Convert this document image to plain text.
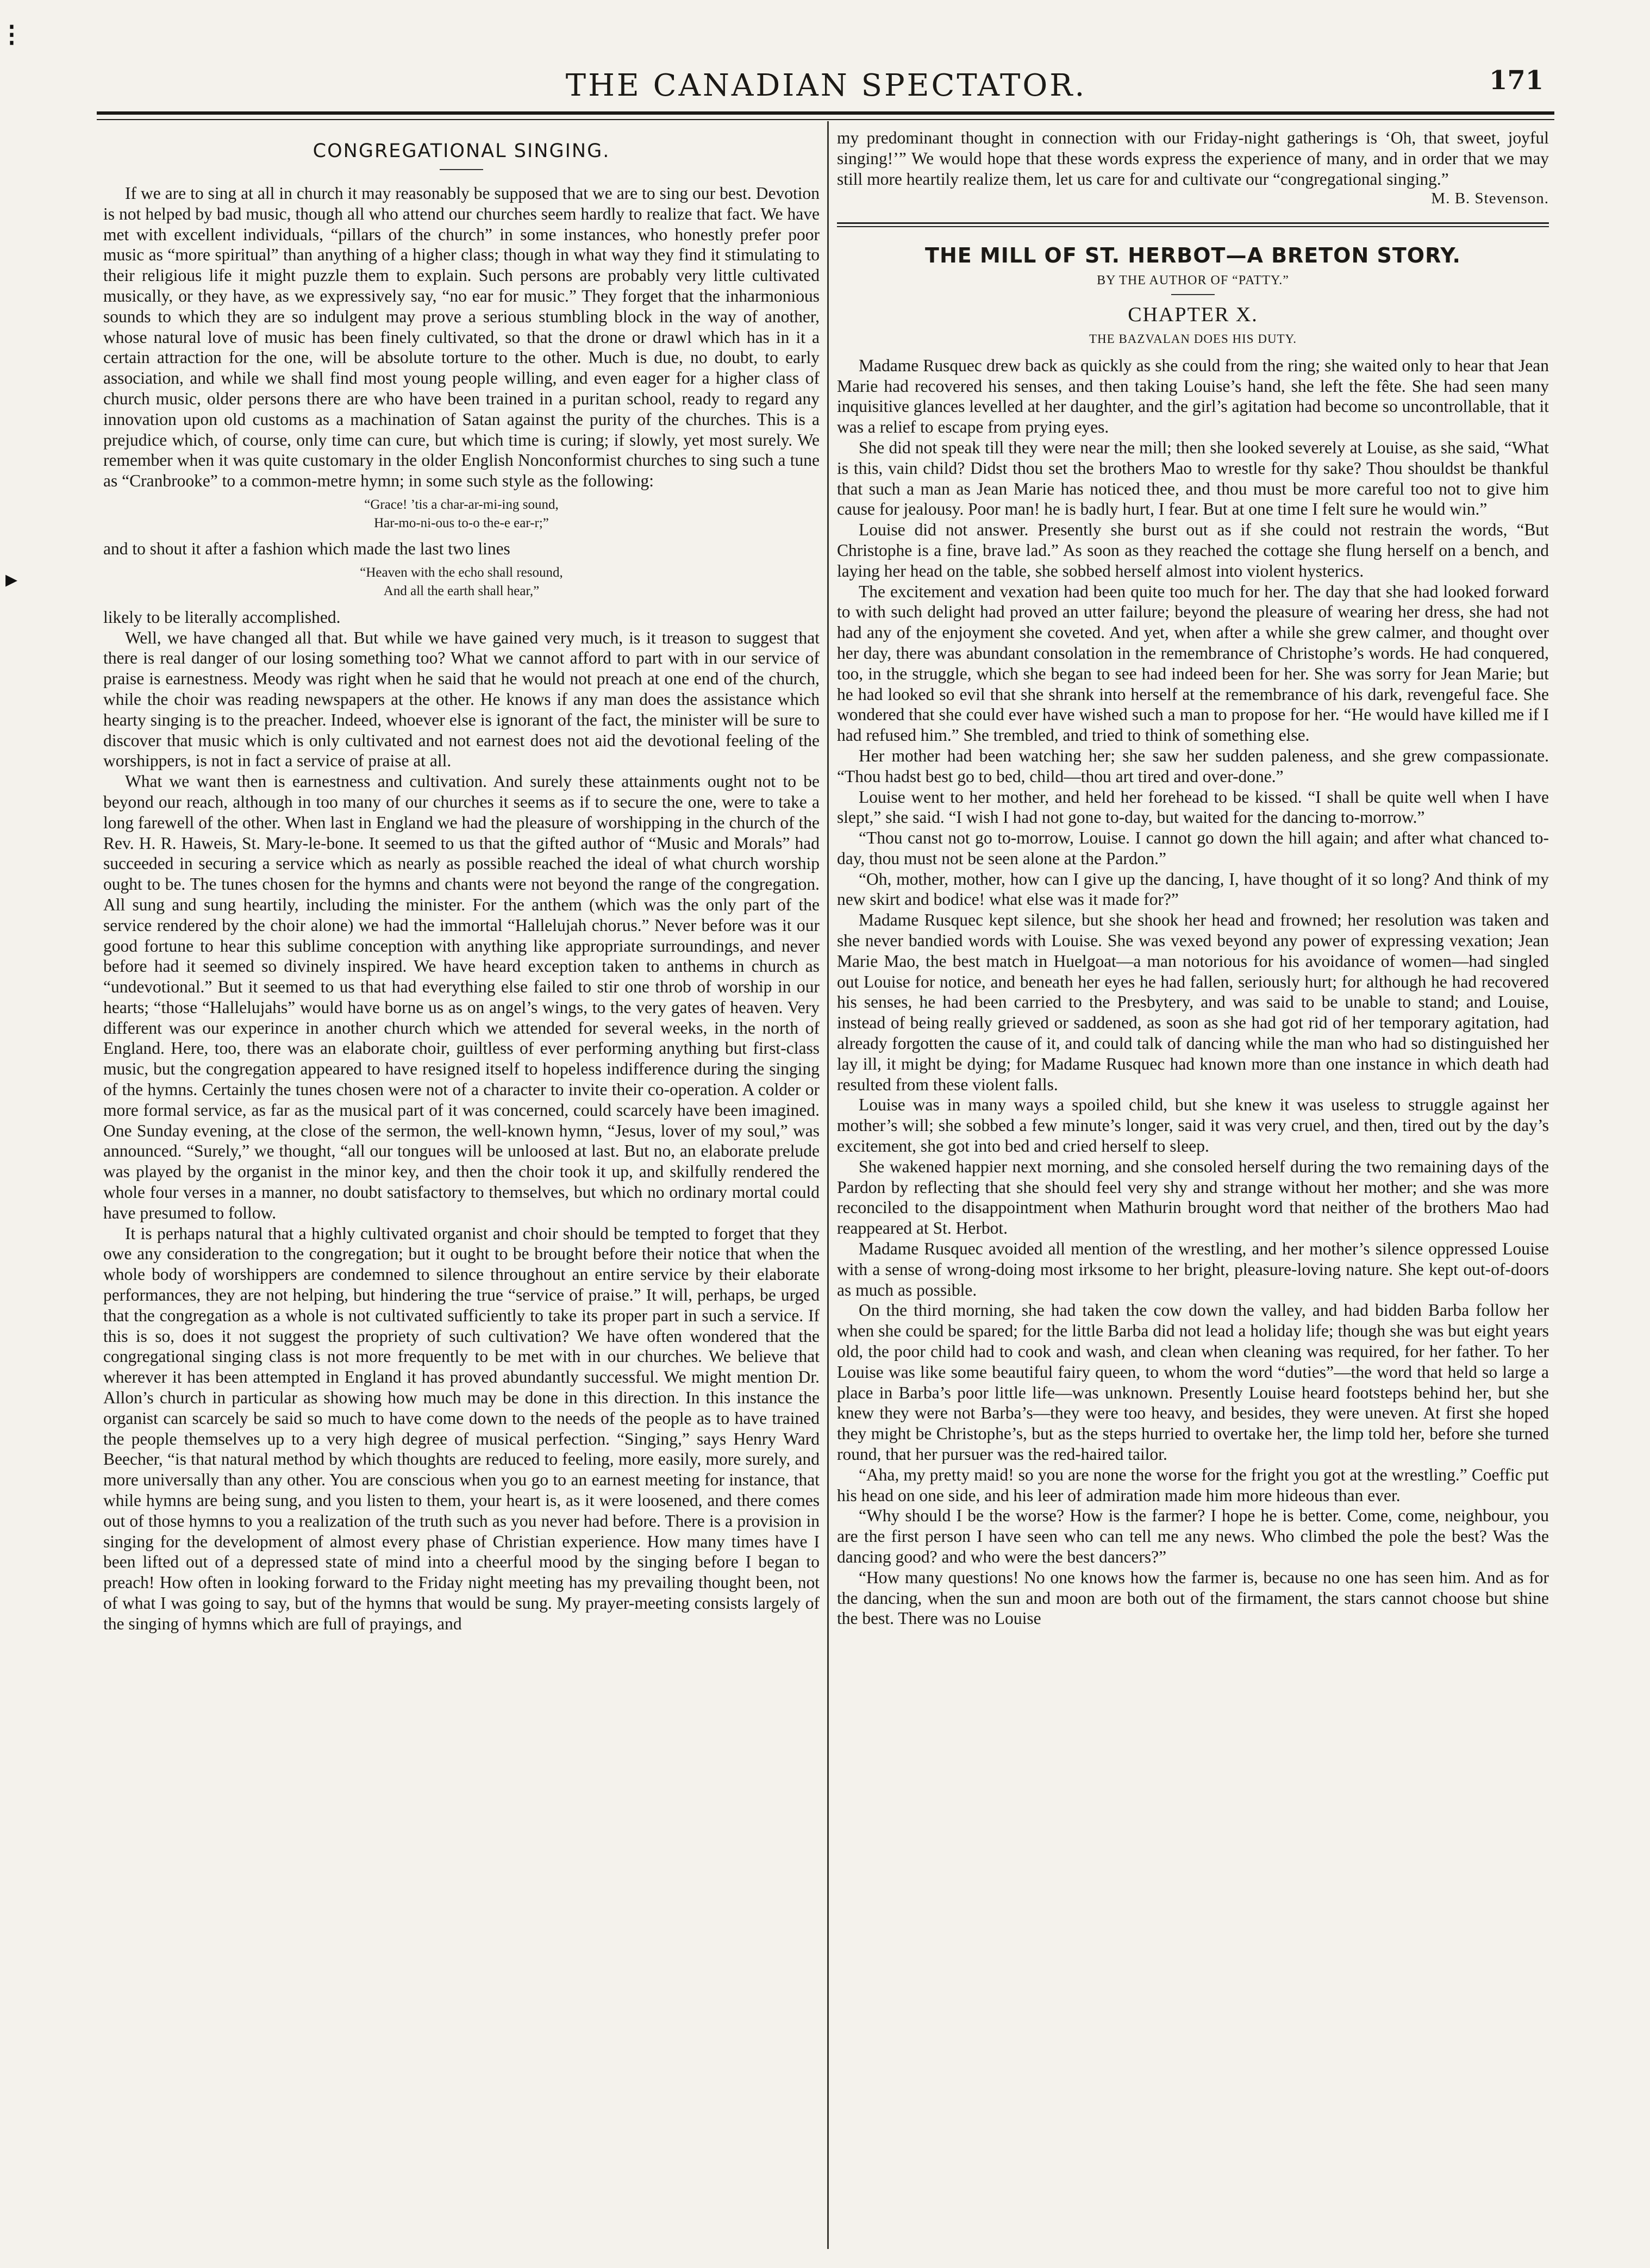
⁝
▸
THE CANADIAN SPECTATOR.	171
CONGREGATIONAL SINGING.

If we are to sing at all in church it may reasonably be supposed that we are to sing our best. Devotion is not helped by bad music, though all who attend our churches seem hardly to realize that fact. We have met with excellent individuals, “pillars of the church” in some instances, who honestly prefer poor music as “more spiritual” than anything of a higher class; though in what way they find it stimulating to their religious life it might puzzle them to explain. Such persons are probably very little cultivated musically, or they have, as we expressively say, “no ear for music.” They forget that the inharmonious sounds to which they are so indulgent may prove a serious stumbling block in the way of another, whose natural love of music has been finely cultivated, so that the drone or drawl which has in it a certain attraction for the one, will be absolute torture to the other. Much is due, no doubt, to early association, and while we shall find most young people willing, and even eager for a higher class of church music, older persons there are who have been trained in a puritan school, ready to regard any innovation upon old customs as a machination of Satan against the purity of the churches. This is a prejudice which, of course, only time can cure, but which time is curing; if slowly, yet most surely. We remember when it was quite customary in the older English Nonconformist churches to sing such a tune as “Cranbrooke” to a common-metre hymn; in some such style as the following:

“Grace! ’tis a char-ar-mi-ing sound,
Har-mo-ni-ous to-o the-e ear-r;”

and to shout it after a fashion which made the last two lines

“Heaven with the echo shall resound,
And all the earth shall hear,”

likely to be literally accomplished.

Well, we have changed all that. But while we have gained very much, is it treason to suggest that there is real danger of our losing something too? What we cannot afford to part with in our service of praise is earnestness. Meody was right when he said that he would not preach at one end of the church, while the choir was reading newspapers at the other. He knows if any man does the assistance which hearty singing is to the preacher. Indeed, whoever else is ignorant of the fact, the minister will be sure to discover that music which is only cultivated and not earnest does not aid the devotional feeling of the worshippers, is not in fact a service of praise at all.

What we want then is earnestness and cultivation. And surely these attainments ought not to be beyond our reach, although in too many of our churches it seems as if to secure the one, were to take a long farewell of the other. When last in England we had the pleasure of worshipping in the church of the Rev. H. R. Haweis, St. Mary-le-bone. It seemed to us that the gifted author of “Music and Morals” had succeeded in securing a service which as nearly as possible reached the ideal of what church worship ought to be. The tunes chosen for the hymns and chants were not beyond the range of the congregation. All sung and sung heartily, including the minister. For the anthem (which was the only part of the service rendered by the choir alone) we had the immortal “Hallelujah chorus.” Never before was it our good fortune to hear this sublime conception with anything like appropriate surroundings, and never before had it seemed so divinely inspired. We have heard exception taken to anthems in church as “undevotional.” But it seemed to us that had everything else failed to stir one throb of worship in our hearts; “those “Hallelujahs” would have borne us as on angel’s wings, to the very gates of heaven. Very different was our experince in another church which we attended for several weeks, in the north of England. Here, too, there was an elaborate choir, guiltless of ever performing anything but first-class music, but the congregation appeared to have resigned itself to hopeless indifference during the singing of the hymns. Certainly the tunes chosen were not of a character to invite their co-operation. A colder or more formal service, as far as the musical part of it was concerned, could scarcely have been imagined. One Sunday evening, at the close of the sermon, the well-known hymn, “Jesus, lover of my soul,” was announced. “Surely,” we thought, “all our tongues will be unloosed at last. But no, an elaborate prelude was played by the organist in the minor key, and then the choir took it up, and skilfully rendered the whole four verses in a manner, no doubt satisfactory to themselves, but which no ordinary mortal could have presumed to follow.

It is perhaps natural that a highly cultivated organist and choir should be tempted to forget that they owe any consideration to the congregation; but it ought to be brought before their notice that when the whole body of worshippers are condemned to silence throughout an entire service by their elaborate performances, they are not helping, but hindering the true “service of praise.” It will, perhaps, be urged that the congregation as a whole is not cultivated sufficiently to take its proper part in such a service. If this is so, does it not suggest the propriety of such cultivation? We have often wondered that the congregational singing class is not more frequently to be met with in our churches. We believe that wherever it has been attempted in England it has proved abundantly successful. We might mention Dr. Allon’s church in particular as showing how much may be done in this direction. In this instance the organist can scarcely be said so much to have come down to the needs of the people as to have trained the people themselves up to a very high degree of musical perfection. “Singing,” says Henry Ward Beecher, “is that natural method by which thoughts are reduced to feeling, more easily, more surely, and more universally than any other. You are conscious when you go to an earnest meeting for instance, that while hymns are being sung, and you listen to them, your heart is, as it were loosened, and there comes out of those hymns to you a realization of the truth such as you never had before. There is a provision in singing for the development of almost every phase of Christian experience. How many times have I been lifted out of a depressed state of mind into a cheerful mood by the singing before I began to preach! How often in looking forward to the Friday night meeting has my prevailing thought been, not of what I was going to say, but of the hymns that would be sung. My prayer-meeting consists largely of the singing of hymns which are full of prayings, and

my predominant thought in connection with our Friday-night gatherings is ‘Oh, that sweet, joyful singing!’” We would hope that these words express the experience of many, and in order that we may still more heartily realize them, let us care for and cultivate our “congregational singing.”

M. B. Stevenson.
THE MILL OF ST. HERBOT—A BRETON STORY.
BY THE AUTHOR OF “PATTY.”
CHAPTER X.
THE BAZVALAN DOES HIS DUTY.

Madame Rusquec drew back as quickly as she could from the ring; she waited only to hear that Jean Marie had recovered his senses, and then taking Louise’s hand, she left the fête. She had seen many inquisitive glances levelled at her daughter, and the girl’s agitation had become so uncontrollable, that it was a relief to escape from prying eyes.

She did not speak till they were near the mill; then she looked severely at Louise, as she said, “What is this, vain child? Didst thou set the brothers Mao to wrestle for thy sake? Thou shouldst be thankful that such a man as Jean Marie has noticed thee, and thou must be more careful too not to give him cause for jealousy. Poor man! he is badly hurt, I fear. But at one time I felt sure he would win.”

Louise did not answer. Presently she burst out as if she could not restrain the words, “But Christophe is a fine, brave lad.” As soon as they reached the cottage she flung herself on a bench, and laying her head on the table, she sobbed herself almost into violent hysterics.

The excitement and vexation had been quite too much for her. The day that she had looked forward to with such delight had proved an utter failure; beyond the pleasure of wearing her dress, she had not had any of the enjoyment she coveted. And yet, when after a while she grew calmer, and thought over her day, there was abundant consolation in the remembrance of Christophe’s words. He had conquered, too, in the struggle, which she began to see had indeed been for her. She was sorry for Jean Marie; but he had looked so evil that she shrank into herself at the remembrance of his dark, revengeful face. She wondered that she could ever have wished such a man to propose for her. “He would have killed me if I had refused him.” She trembled, and tried to think of something else.

Her mother had been watching her; she saw her sudden paleness, and she grew compassionate. “Thou hadst best go to bed, child—thou art tired and over-done.”

Louise went to her mother, and held her forehead to be kissed. “I shall be quite well when I have slept,” she said. “I wish I had not gone to-day, but waited for the dancing to-morrow.”

“Thou canst not go to-morrow, Louise. I cannot go down the hill again; and after what chanced to-day, thou must not be seen alone at the Pardon.”

“Oh, mother, mother, how can I give up the dancing, I, have thought of it so long? And think of my new skirt and bodice! what else was it made for?”

Madame Rusquec kept silence, but she shook her head and frowned; her resolution was taken and she never bandied words with Louise. She was vexed beyond any power of expressing vexation; Jean Marie Mao, the best match in Huelgoat—a man notorious for his avoidance of women—had singled out Louise for notice, and beneath her eyes he had fallen, seriously hurt; for although he had recovered his senses, he had been carried to the Presbytery, and was said to be unable to stand; and Louise, instead of being really grieved or saddened, as soon as she had got rid of her temporary agitation, had already forgotten the cause of it, and could talk of dancing while the man who had so distinguished her lay ill, it might be dying; for Madame Rusquec had known more than one instance in which death had resulted from these violent falls.

Louise was in many ways a spoiled child, but she knew it was useless to struggle against her mother’s will; she sobbed a few minute’s longer, said it was very cruel, and then, tired out by the day’s excitement, she got into bed and cried herself to sleep.

She wakened happier next morning, and she consoled herself during the two remaining days of the Pardon by reflecting that she should feel very shy and strange without her mother; and she was more reconciled to the disappointment when Mathurin brought word that neither of the brothers Mao had reappeared at St. Herbot.

Madame Rusquec avoided all mention of the wrestling, and her mother’s silence oppressed Louise with a sense of wrong-doing most irksome to her bright, pleasure-loving nature. She kept out-of-doors as much as possible.

On the third morning, she had taken the cow down the valley, and had bidden Barba follow her when she could be spared; for the little Barba did not lead a holiday life; though she was but eight years old, the poor child had to cook and wash, and clean when cleaning was required, for her father. To her Louise was like some beautiful fairy queen, to whom the word “duties”—the word that held so large a place in Barba’s poor little life—was unknown. Presently Louise heard footsteps behind her, but she knew they were not Barba’s—they were too heavy, and besides, they were uneven. At first she hoped they might be Christophe’s, but as the steps hurried to overtake her, the limp told her, before she turned round, that her pursuer was the red-haired tailor.

“Aha, my pretty maid! so you are none the worse for the fright you got at the wrestling.” Coeffic put his head on one side, and his leer of admiration made him more hideous than ever.

“Why should I be the worse? How is the farmer? I hope he is better. Come, come, neighbour, you are the first person I have seen who can tell me any news. Who climbed the pole the best? Was the dancing good? and who were the best dancers?”

“How many questions! No one knows how the farmer is, because no one has seen him. And as for the dancing, when the sun and moon are both out of the firmament, the stars cannot choose but shine the best. There was no Louise
